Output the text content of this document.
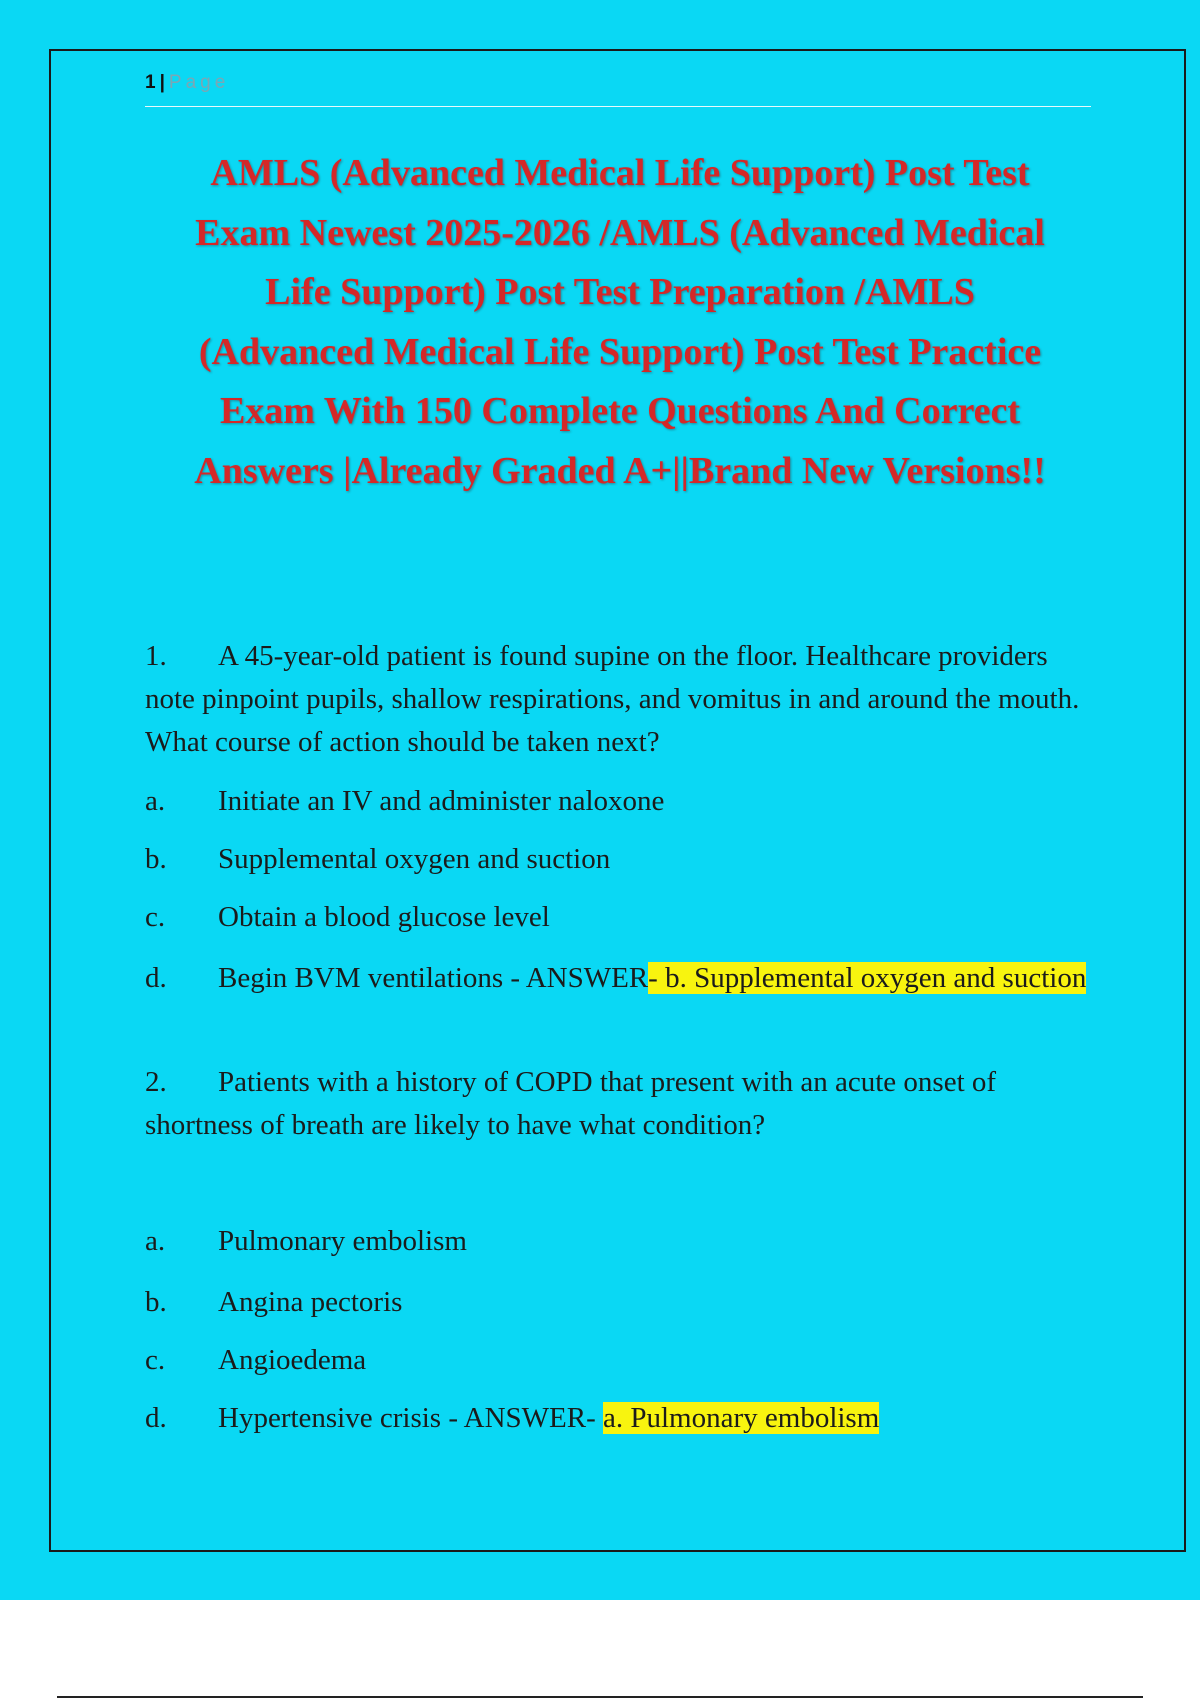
1 | Page
AMLS (Advanced Medical Life Support) Post Test
Exam Newest 2025-2026 /AMLS (Advanced Medical
Life Support) Post Test Preparation /AMLS
(Advanced Medical Life Support) Post Test Practice
Exam With 150 Complete Questions And Correct
Answers |Already Graded A+||Brand New Versions!!
1. A 45-year-old patient is found supine on the floor. Healthcare providers note pinpoint pupils, shallow respirations, and vomitus in and around the mouth. What course of action should be taken next?
a. Initiate an IV and administer naloxone
b. Supplemental oxygen and suction
c. Obtain a blood glucose level
d. Begin BVM ventilations - ANSWER- b. Supplemental oxygen and suction
2. Patients with a history of COPD that present with an acute onset of shortness of breath are likely to have what condition?
a. Pulmonary embolism
b. Angina pectoris
c. Angioedema
d. Hypertensive crisis - ANSWER- a. Pulmonary embolism
